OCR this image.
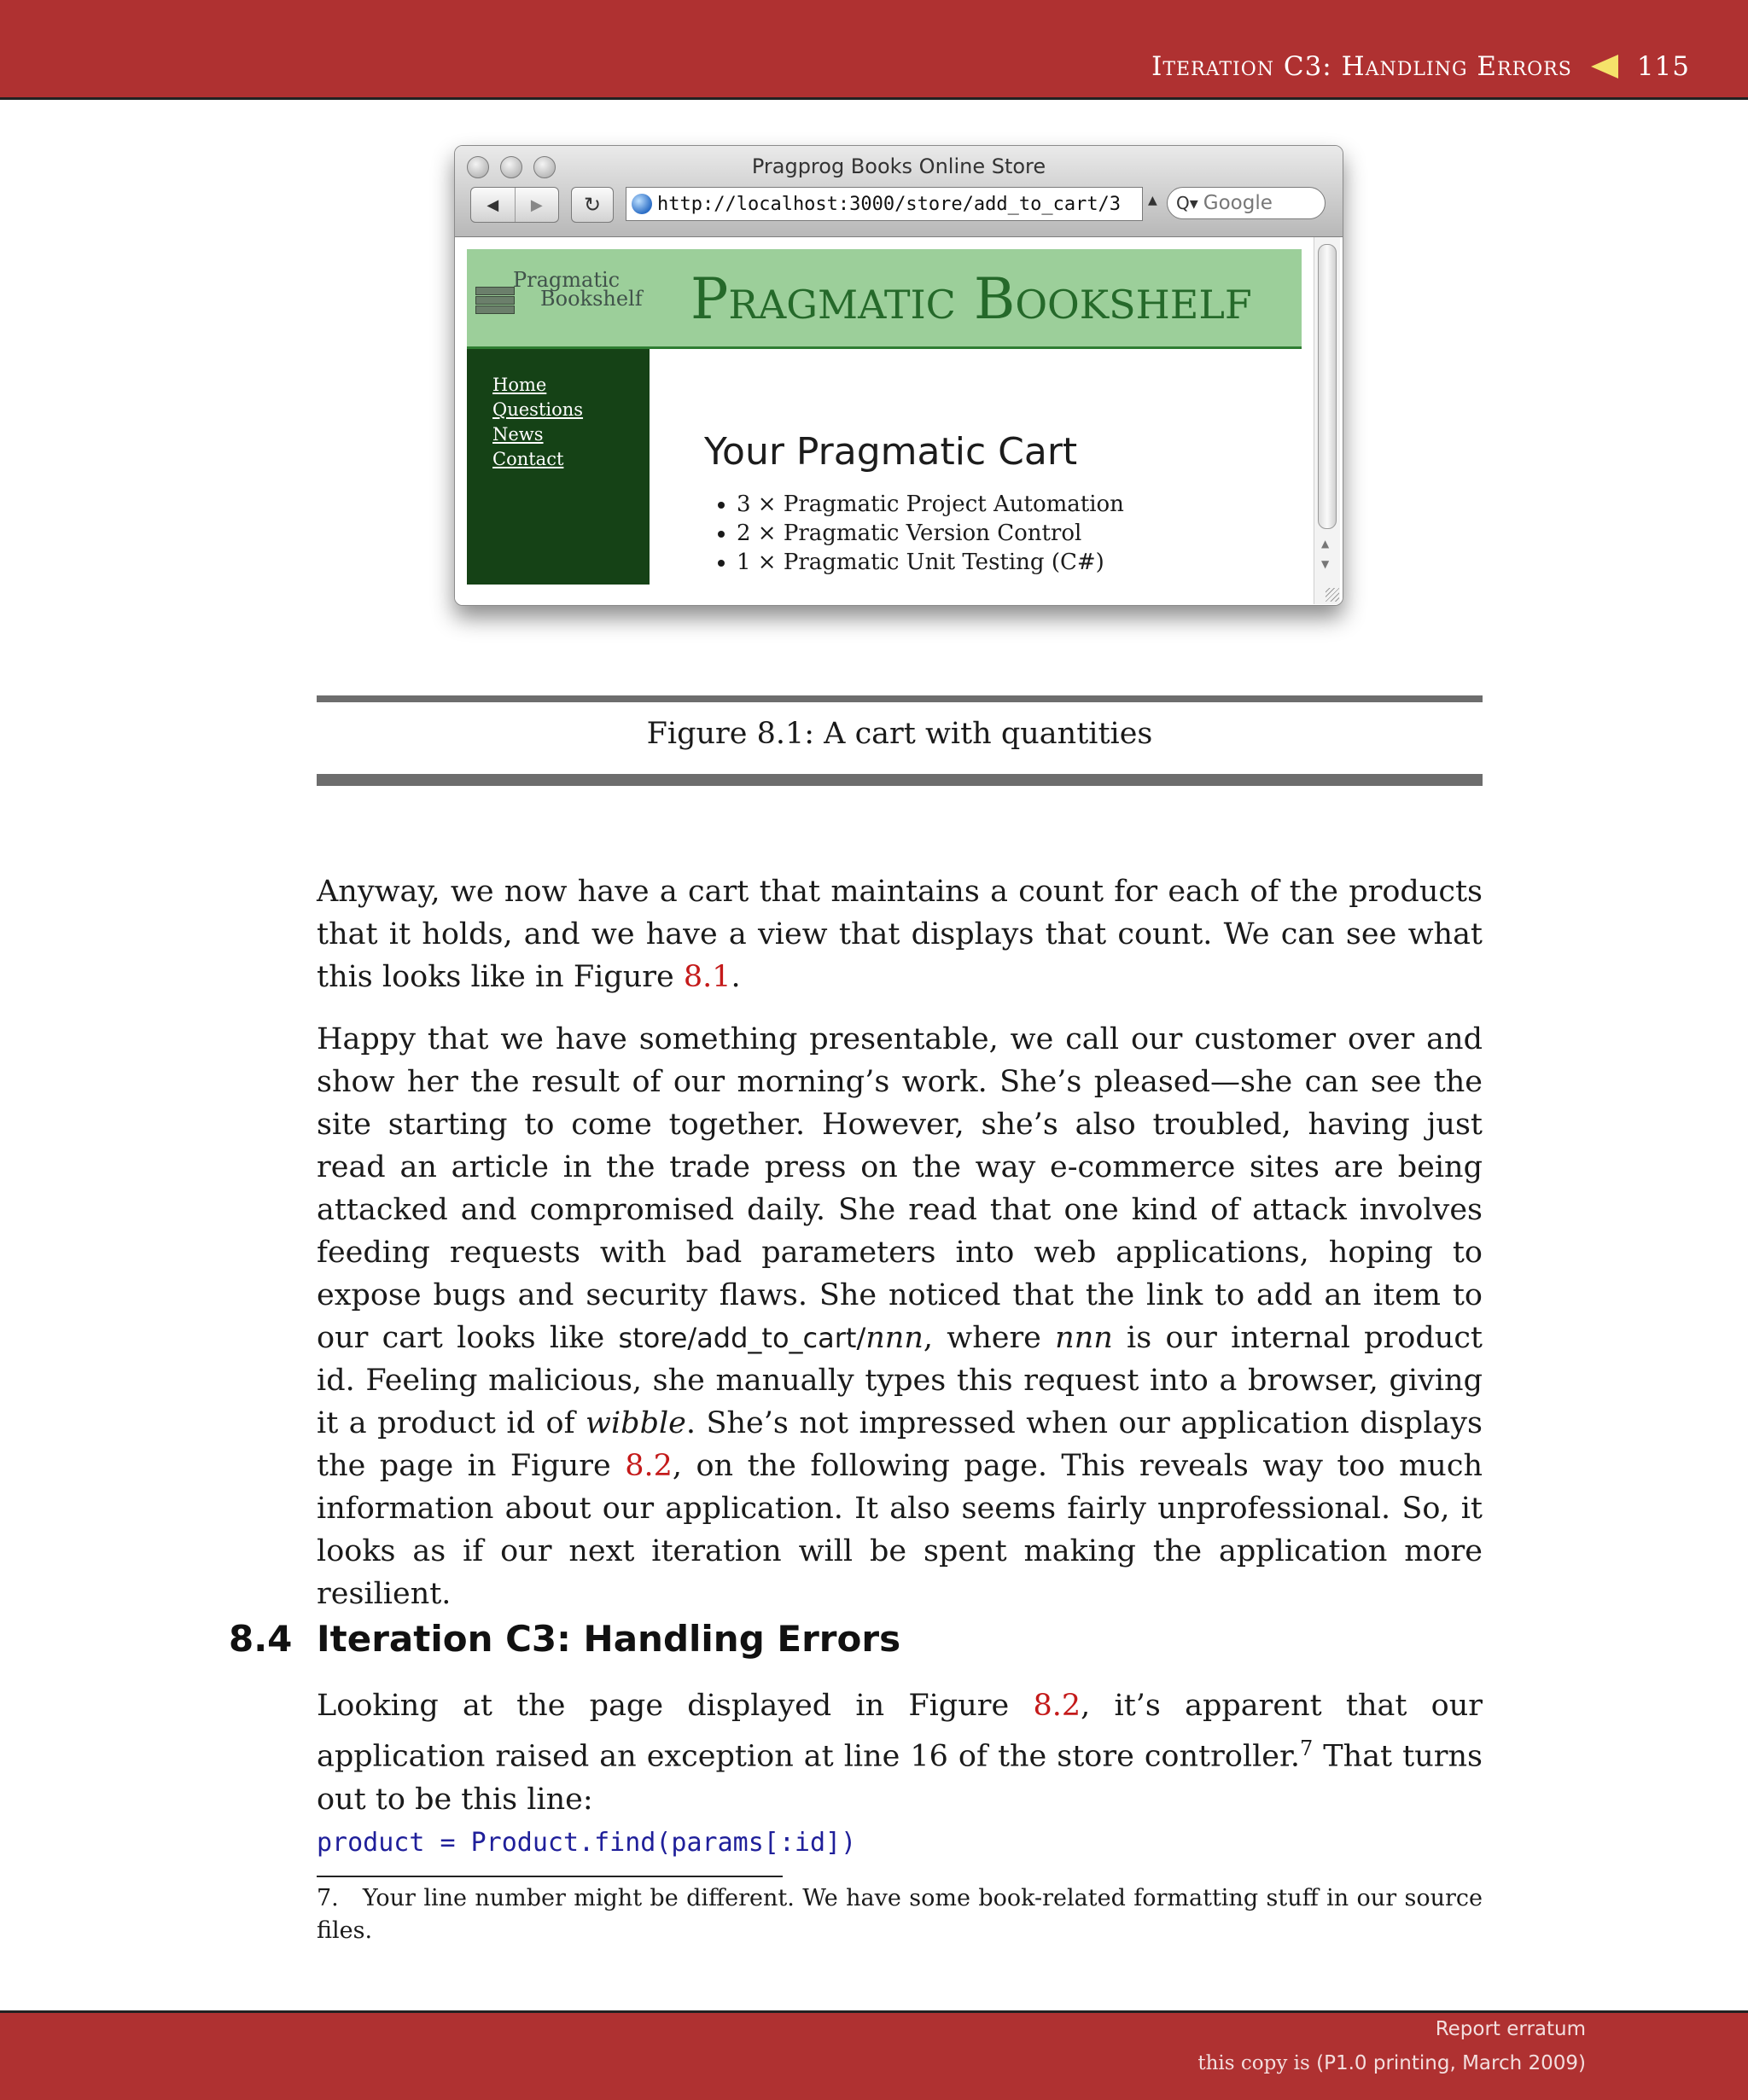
Iteration C3: Handling Errors 115
Pragprog Books Online Store
◀	▶	↻	http://localhost:3000/store/add_to_cart/3 ▲ Q▾ Google
Pragmatic
Bookshelf Pragmatic Bookshelf
Home
Questions
News
Contact	Your Pragmatic Cart
• 3 × Pragmatic Project Automation
• 2 × Pragmatic Version Control
• 1 × Pragmatic Unit Testing (C#)
▲
▼
Figure 8.1: A cart with quantities

Anyway, we now have a cart that maintains a count for each of the products that it holds, and we have a view that displays that count. We can see what this looks like in Figure 8.1.

Happy that we have something presentable, we call our customer over and show her the result of our morning’s work. She’s pleased—she can see the site starting to come together. However, she’s also troubled, having just read an article in the trade press on the way e-commerce sites are being attacked and compromised daily. She read that one kind of attack involves feeding requests with bad parameters into web applications, hoping to expose bugs and security flaws. She noticed that the link to add an item to our cart looks like store/add_to_cart/nnn, where nnn is our internal product id. Feeling malicious, she manually types this request into a browser, giving it a product id of wibble. She’s not impressed when our application displays the page in Figure 8.2, on the following page. This reveals way too much information about our application. It also seems fairly unprofessional. So, it looks as if our next iteration will be spent making the application more resilient.

8.4 Iteration C3: Handling Errors

Looking at the page displayed in Figure 8.2, it’s apparent that our application raised an exception at line 16 of the store controller.$^7$ That turns out to be this line:

product = Product.find(params[:id])

7. Your line number might be different. We have some book-related formatting stuff in our source files.

Report erratum
this copy is (P1.0 printing, March 2009)
